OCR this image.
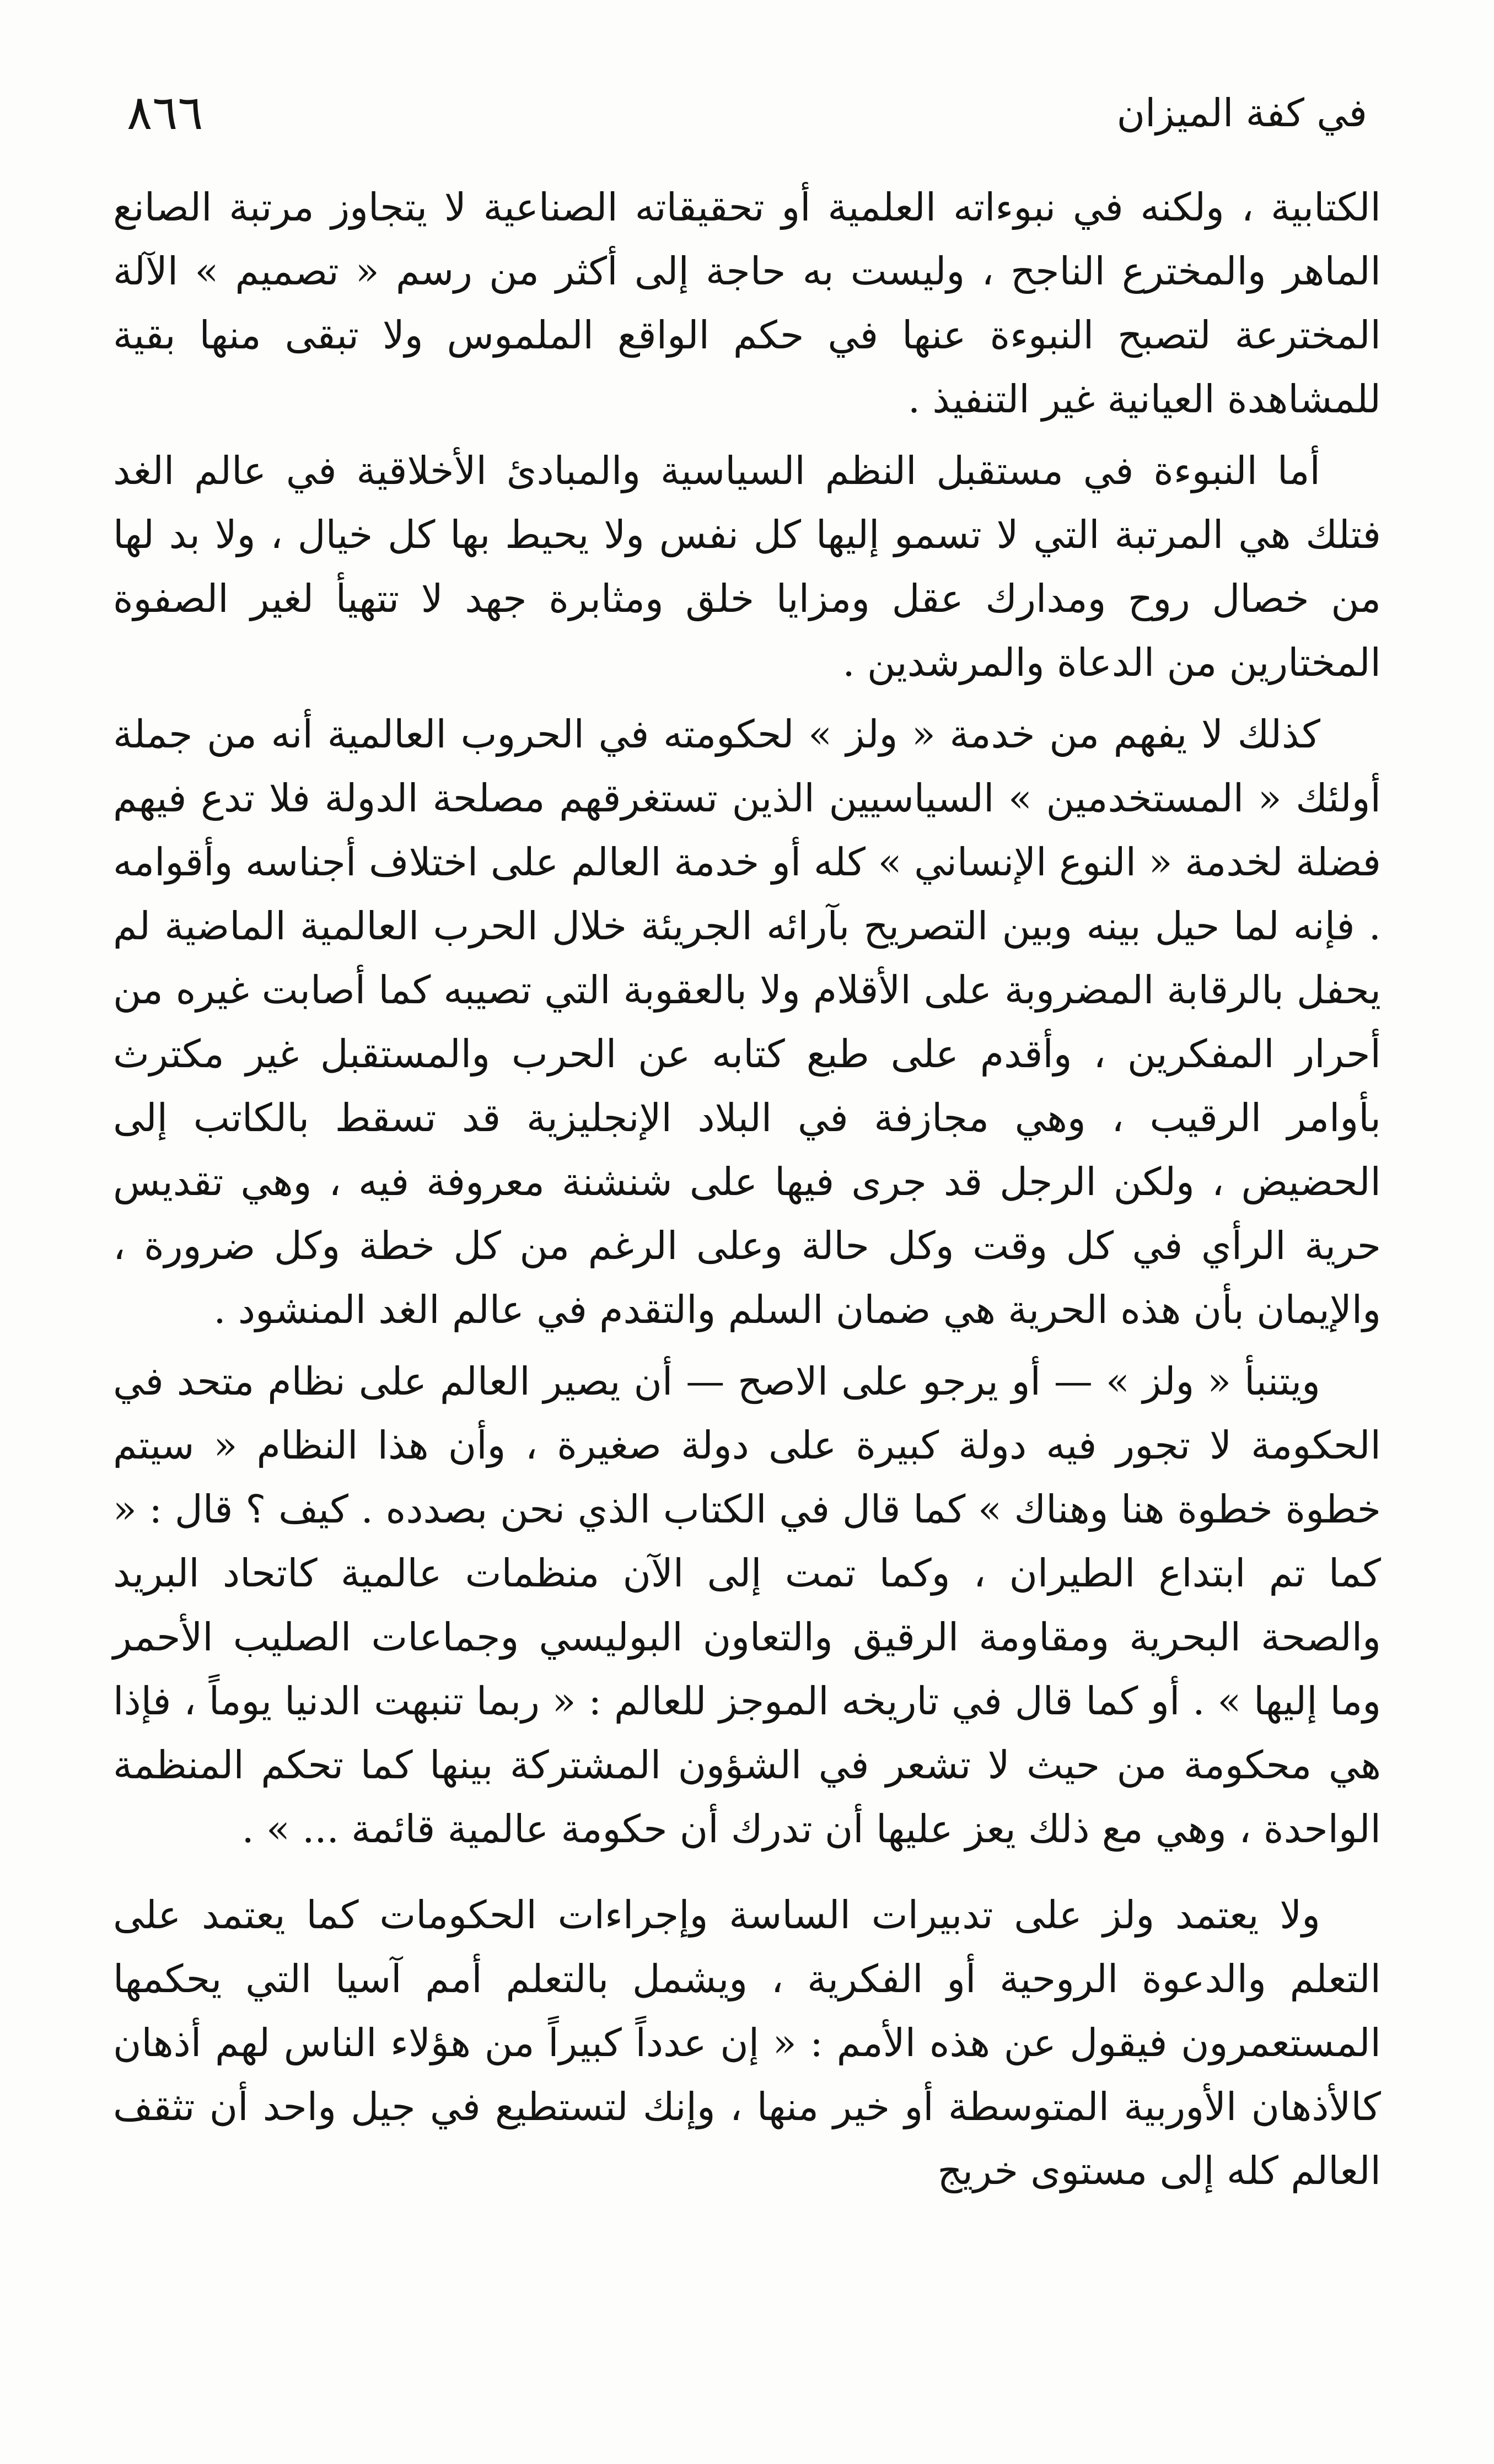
في كفة الميزان
٨٦٦

الكتابية ، ولكنه في نبوءاته العلمية أو تحقيقاته الصناعية لا يتجاوز مرتبة الصانع الماهر والمخترع الناجح ، وليست به حاجة إلى أكثر من رسم « تصميم » الآلة المخترعة لتصبح النبوءة عنها في حكم الواقع الملموس ولا تبقى منها بقية للمشاهدة العيانية غير التنفيذ .

أما النبوءة في مستقبل النظم السياسية والمبادئ الأخلاقية في عالم الغد فتلك هي المرتبة التي لا تسمو إليها كل نفس ولا يحيط بها كل خيال ، ولا بد لها من خصال روح ومدارك عقل ومزايا خلق ومثابرة جهد لا تتهيأ لغير الصفوة المختارين من الدعاة والمرشدين .

كذلك لا يفهم من خدمة « ولز » لحكومته في الحروب العالمية أنه من جملة أولئك « المستخدمين » السياسيين الذين تستغرقهم مصلحة الدولة فلا تدع فيهم فضلة لخدمة « النوع الإنساني » كله أو خدمة العالم على اختلاف أجناسه وأقوامه . فإنه لما حيل بينه وبين التصريح بآرائه الجريئة خلال الحرب العالمية الماضية لم يحفل بالرقابة المضروبة على الأقلام ولا بالعقوبة التي تصيبه كما أصابت غيره من أحرار المفكرين ، وأقدم على طبع كتابه عن الحرب والمستقبل غير مكترث بأوامر الرقيب ، وهي مجازفة في البلاد الإنجليزية قد تسقط بالكاتب إلى الحضيض ، ولكن الرجل قد جرى فيها على شنشنة معروفة فيه ، وهي تقديس حرية الرأي في كل وقت وكل حالة وعلى الرغم من كل خطة وكل ضرورة ، والإيمان بأن هذه الحرية هي ضمان السلم والتقدم في عالم الغد المنشود .

ويتنبأ « ولز » — أو يرجو على الاصح — أن يصير العالم على نظام متحد في الحكومة لا تجور فيه دولة كبيرة على دولة صغيرة ، وأن هذا النظام « سيتم خطوة خطوة هنا وهناك » كما قال في الكتاب الذي نحن بصدده . كيف ؟ قال : « كما تم ابتداع الطيران ، وكما تمت إلى الآن منظمات عالمية كاتحاد البريد والصحة البحرية ومقاومة الرقيق والتعاون البوليسي وجماعات الصليب الأحمر وما إليها » . أو كما قال في تاريخه الموجز للعالم : « ربما تنبهت الدنيا يوماً ، فإذا هي محكومة من حيث لا تشعر في الشؤون المشتركة بينها كما تحكم المنظمة الواحدة ، وهي مع ذلك يعز عليها أن تدرك أن حكومة عالمية قائمة ... » .

ولا يعتمد ولز على تدبيرات الساسة وإجراءات الحكومات كما يعتمد على التعلم والدعوة الروحية أو الفكرية ، ويشمل بالتعلم أمم آسيا التي يحكمها المستعمرون فيقول عن هذه الأمم : « إن عدداً كبيراً من هؤلاء الناس لهم أذهان كالأذهان الأوربية المتوسطة أو خير منها ، وإنك لتستطيع في جيل واحد أن تثقف العالم كله إلى مستوى خريج
